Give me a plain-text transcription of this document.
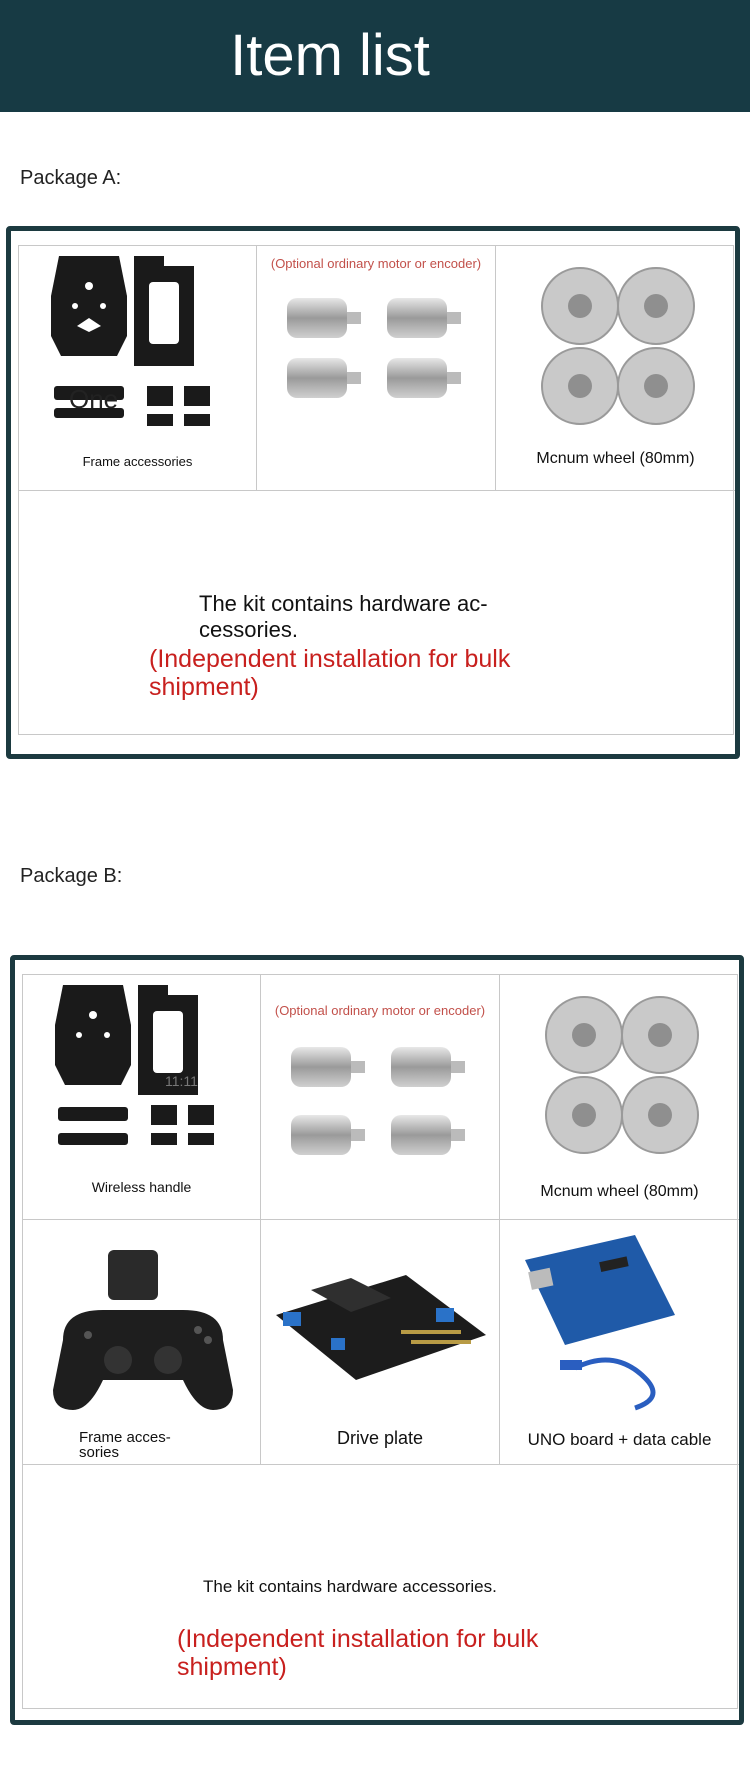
Item list
Package A:
One
Frame accessories
(Optional ordinary motor or encoder)
Mcnum wheel (80mm)
The kit contains hardware ac-
cessories.
(Independent installation for bulk
shipment)
Package B:
11:11
Wireless handle
(Optional ordinary motor or encoder)
Mcnum wheel (80mm)
Frame acces-
sories
Drive plate	UNO board + data cable
The kit contains hardware accessories.
(Independent installation for bulk
shipment)
